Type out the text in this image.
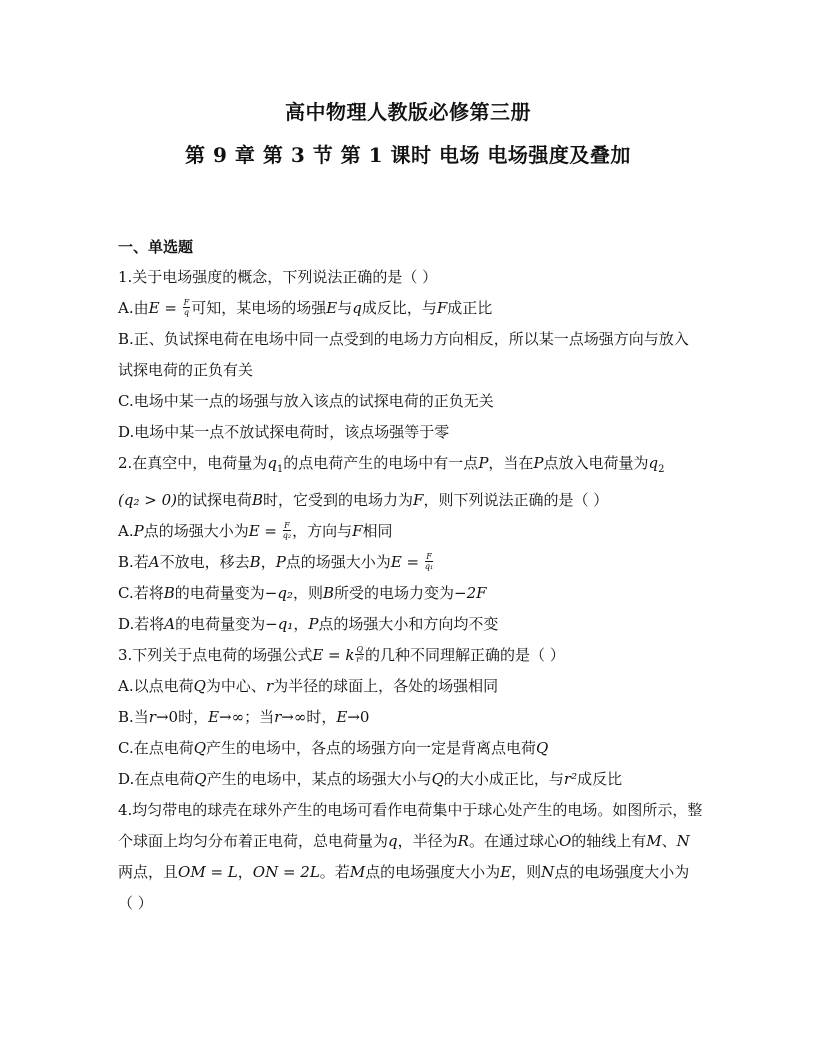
高中物理人教版必修第三册
第 9 章 第 3 节 第 1 课时 电场 电场强度及叠加
一、单选题
1.关于电场强度的概念，下列说法正确的是（ ）
A.由$E = \frac{F}{q}$ 可知，某电场的场强E与q成反比，与F成正比
B.正、负试探电荷在电场中同一点受到的电场力方向相反，所以某一点场强方向与放入试探电荷的正负有关
C.电场中某一点的场强与放入该点的试探电荷的正负无关
D.电场中某一点不放试探电荷时，该点场强等于零
2.在真空中，电荷量为$q_1$的点电荷产生的电场中有一点P，当在P点放入电荷量为$q_2$
(q₂ > 0)的试探电荷B时，它受到的电场力为F，则下列说法正确的是（ ）
A.P点的场强大小为$E = \frac{F}{\text{q₂}}$ ，方向与F相同
B.若A不放电，移去B，P点的场强大小为$E = \frac{F}{\text{q₁}}$
C.若将B的电荷量变为−q₂，则B所受的电场力变为−2F
D.若将A的电荷量变为−q₁，P点的场强大小和方向均不变
3.下列关于点电荷的场强公式E = k $\frac{Q}{\text{r²}}$ 的几种不同理解正确的是（ ）
A.以点电荷Q为中心、r为半径的球面上，各处的场强相同
B.当r→0时，E→∞；当r→∞时，E→0
C.在点电荷Q产生的电场中，各点的场强方向一定是背离点电荷Q
D.在点电荷Q产生的电场中，某点的场强大小与Q的大小成正比，与r²成反比
4.均匀带电的球壳在球外产生的电场可看作电荷集中于球心处产生的电场。如图所示，整个球面上均匀分布着正电荷，总电荷量为q，半径为R。在通过球心O的轴线上有M、N两点，且OM = L，ON = 2L。若M点的电场强度大小为E，则N点的电场强度大小为（ ）
